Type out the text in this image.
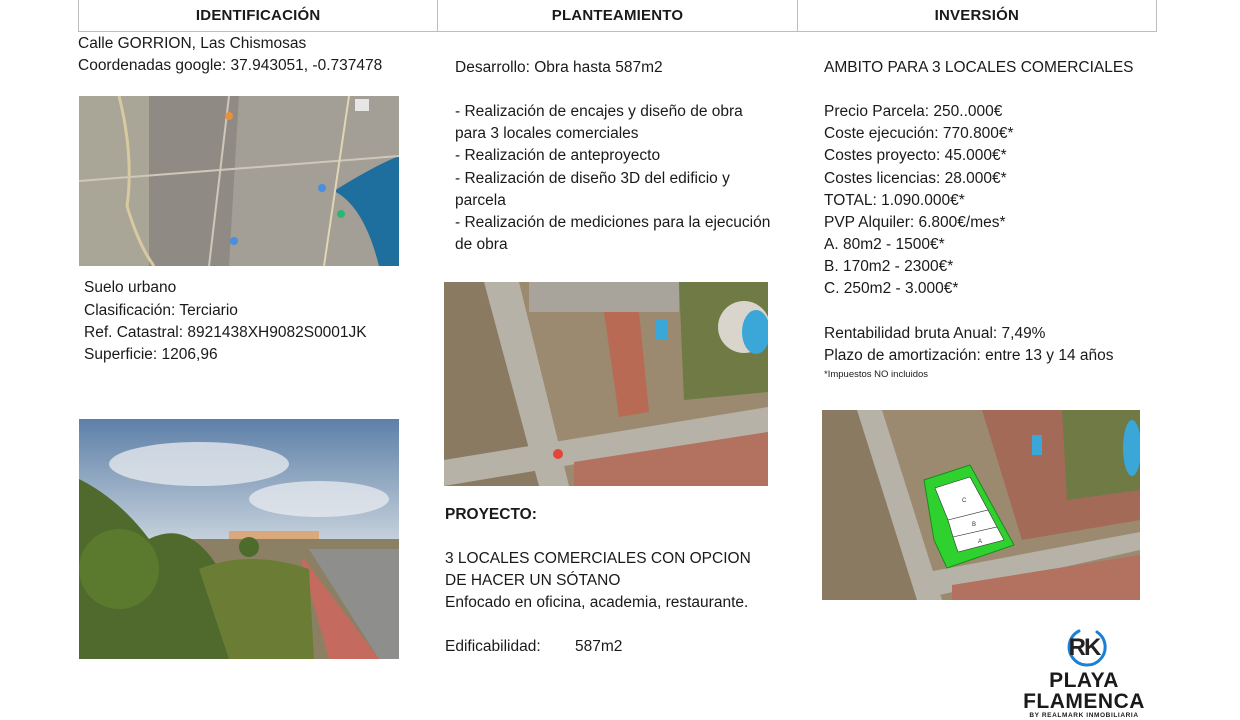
IDENTIFICACIÓN	PLANTEAMIENTO	INVERSIÓN
Calle GORRION, Las Chismosas
Coordenadas google: 37.943051, -0.737478
Suelo urbano
Clasificación: Terciario
Ref. Catastral: 8921438XH9082S0001JK
Superficie: 1206,96
Desarrollo: Obra hasta 587m2
- Realización de encajes y diseño de obra
para 3 locales comerciales
- Realización de anteproyecto
- Realización de diseño 3D del edificio y
parcela
- Realización de mediciones para la ejecución
de obra
PROYECTO:
3 LOCALES COMERCIALES CON OPCION
DE HACER UN SÓTANO
Enfocado en oficina, academia, restaurante.
Edificabilidad: 587m2
AMBITO PARA 3 LOCALES COMERCIALES
Precio Parcela: 250..000€
Coste ejecución: 770.800€*
Costes proyecto: 45.000€*
Costes licencias: 28.000€*
TOTAL: 1.090.000€*
PVP Alquiler: 6.800€/mes*
A. 80m2 - 1500€*
B. 170m2 - 2300€*
C. 250m2 - 3.000€*
Rentabilidad bruta Anual: 7,49%
Plazo de amortización: entre 13 y 14 años
*Impuestos NO incluidos
C
B
A
RK
PLAYA
FLAMENCA
BY REALMARK INMOBILIARIA
